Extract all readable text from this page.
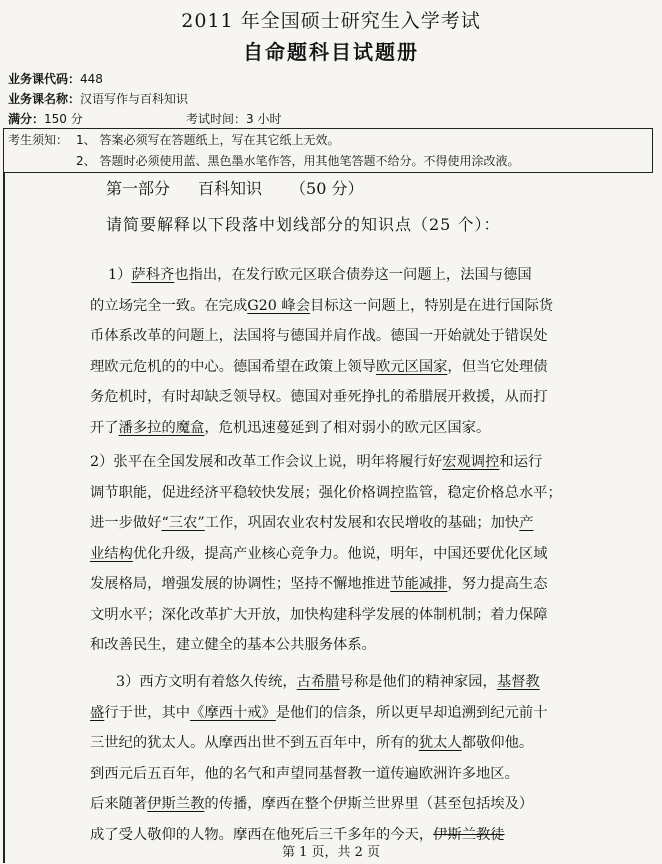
2011 年全国硕士研究生入学考试
自命题科目试题册
业务课代码：448
业务课名称：汉语写作与百科知识
满分：150 分	考试时间：3 小时
考生须知： 1、 答案必须写在答题纸上，写在其它纸上无效。
2、 答题时必须使用蓝、黑色墨水笔作答，用其他笔答题不给分。不得使用涂改液。
第一部分 百科知识 （50 分）
请简要解释以下段落中划线部分的知识点（25 个）：
1）萨科齐也指出，在发行欧元区联合债券这一问题上，法国与德国
的立场完全一致。在完成G20 峰会目标这一问题上，特别是在进行国际货
币体系改革的问题上，法国将与德国并肩作战。德国一开始就处于错误处
理欧元危机的的中心。德国希望在政策上领导欧元区国家，但当它处理债
务危机时，有时却缺乏领导权。德国对垂死挣扎的希腊展开救援，从而打
开了潘多拉的魔盒，危机迅速蔓延到了相对弱小的欧元区国家。
2）张平在全国发展和改革工作会议上说，明年将履行好宏观调控和运行
调节职能，促进经济平稳较快发展；强化价格调控监管，稳定价格总水平；
进一步做好“三农”工作，巩固农业农村发展和农民增收的基础；加快产
业结构优化升级，提高产业核心竞争力。他说，明年，中国还要优化区域
发展格局，增强发展的协调性；坚持不懈地推进节能减排，努力提高生态
文明水平；深化改革扩大开放，加快构建科学发展的体制机制；着力保障
和改善民生，建立健全的基本公共服务体系。
3）西方文明有着悠久传统，古希腊号称是他们的精神家园，基督教
盛行于世，其中《摩西十戒》是他们的信条，所以更早却追溯到纪元前十
三世纪的犹太人。从摩西出世不到五百年中，所有的犹太人都敬仰他。
到西元后五百年，他的名气和声望同基督教一道传遍欧洲许多地区。
后来随著伊斯兰教的传播，摩西在整个伊斯兰世界里（甚至包括埃及）
成了受人敬仰的人物。摩西在他死后三千多年的今天，伊斯兰教徒
第 1 页，共 2 页
